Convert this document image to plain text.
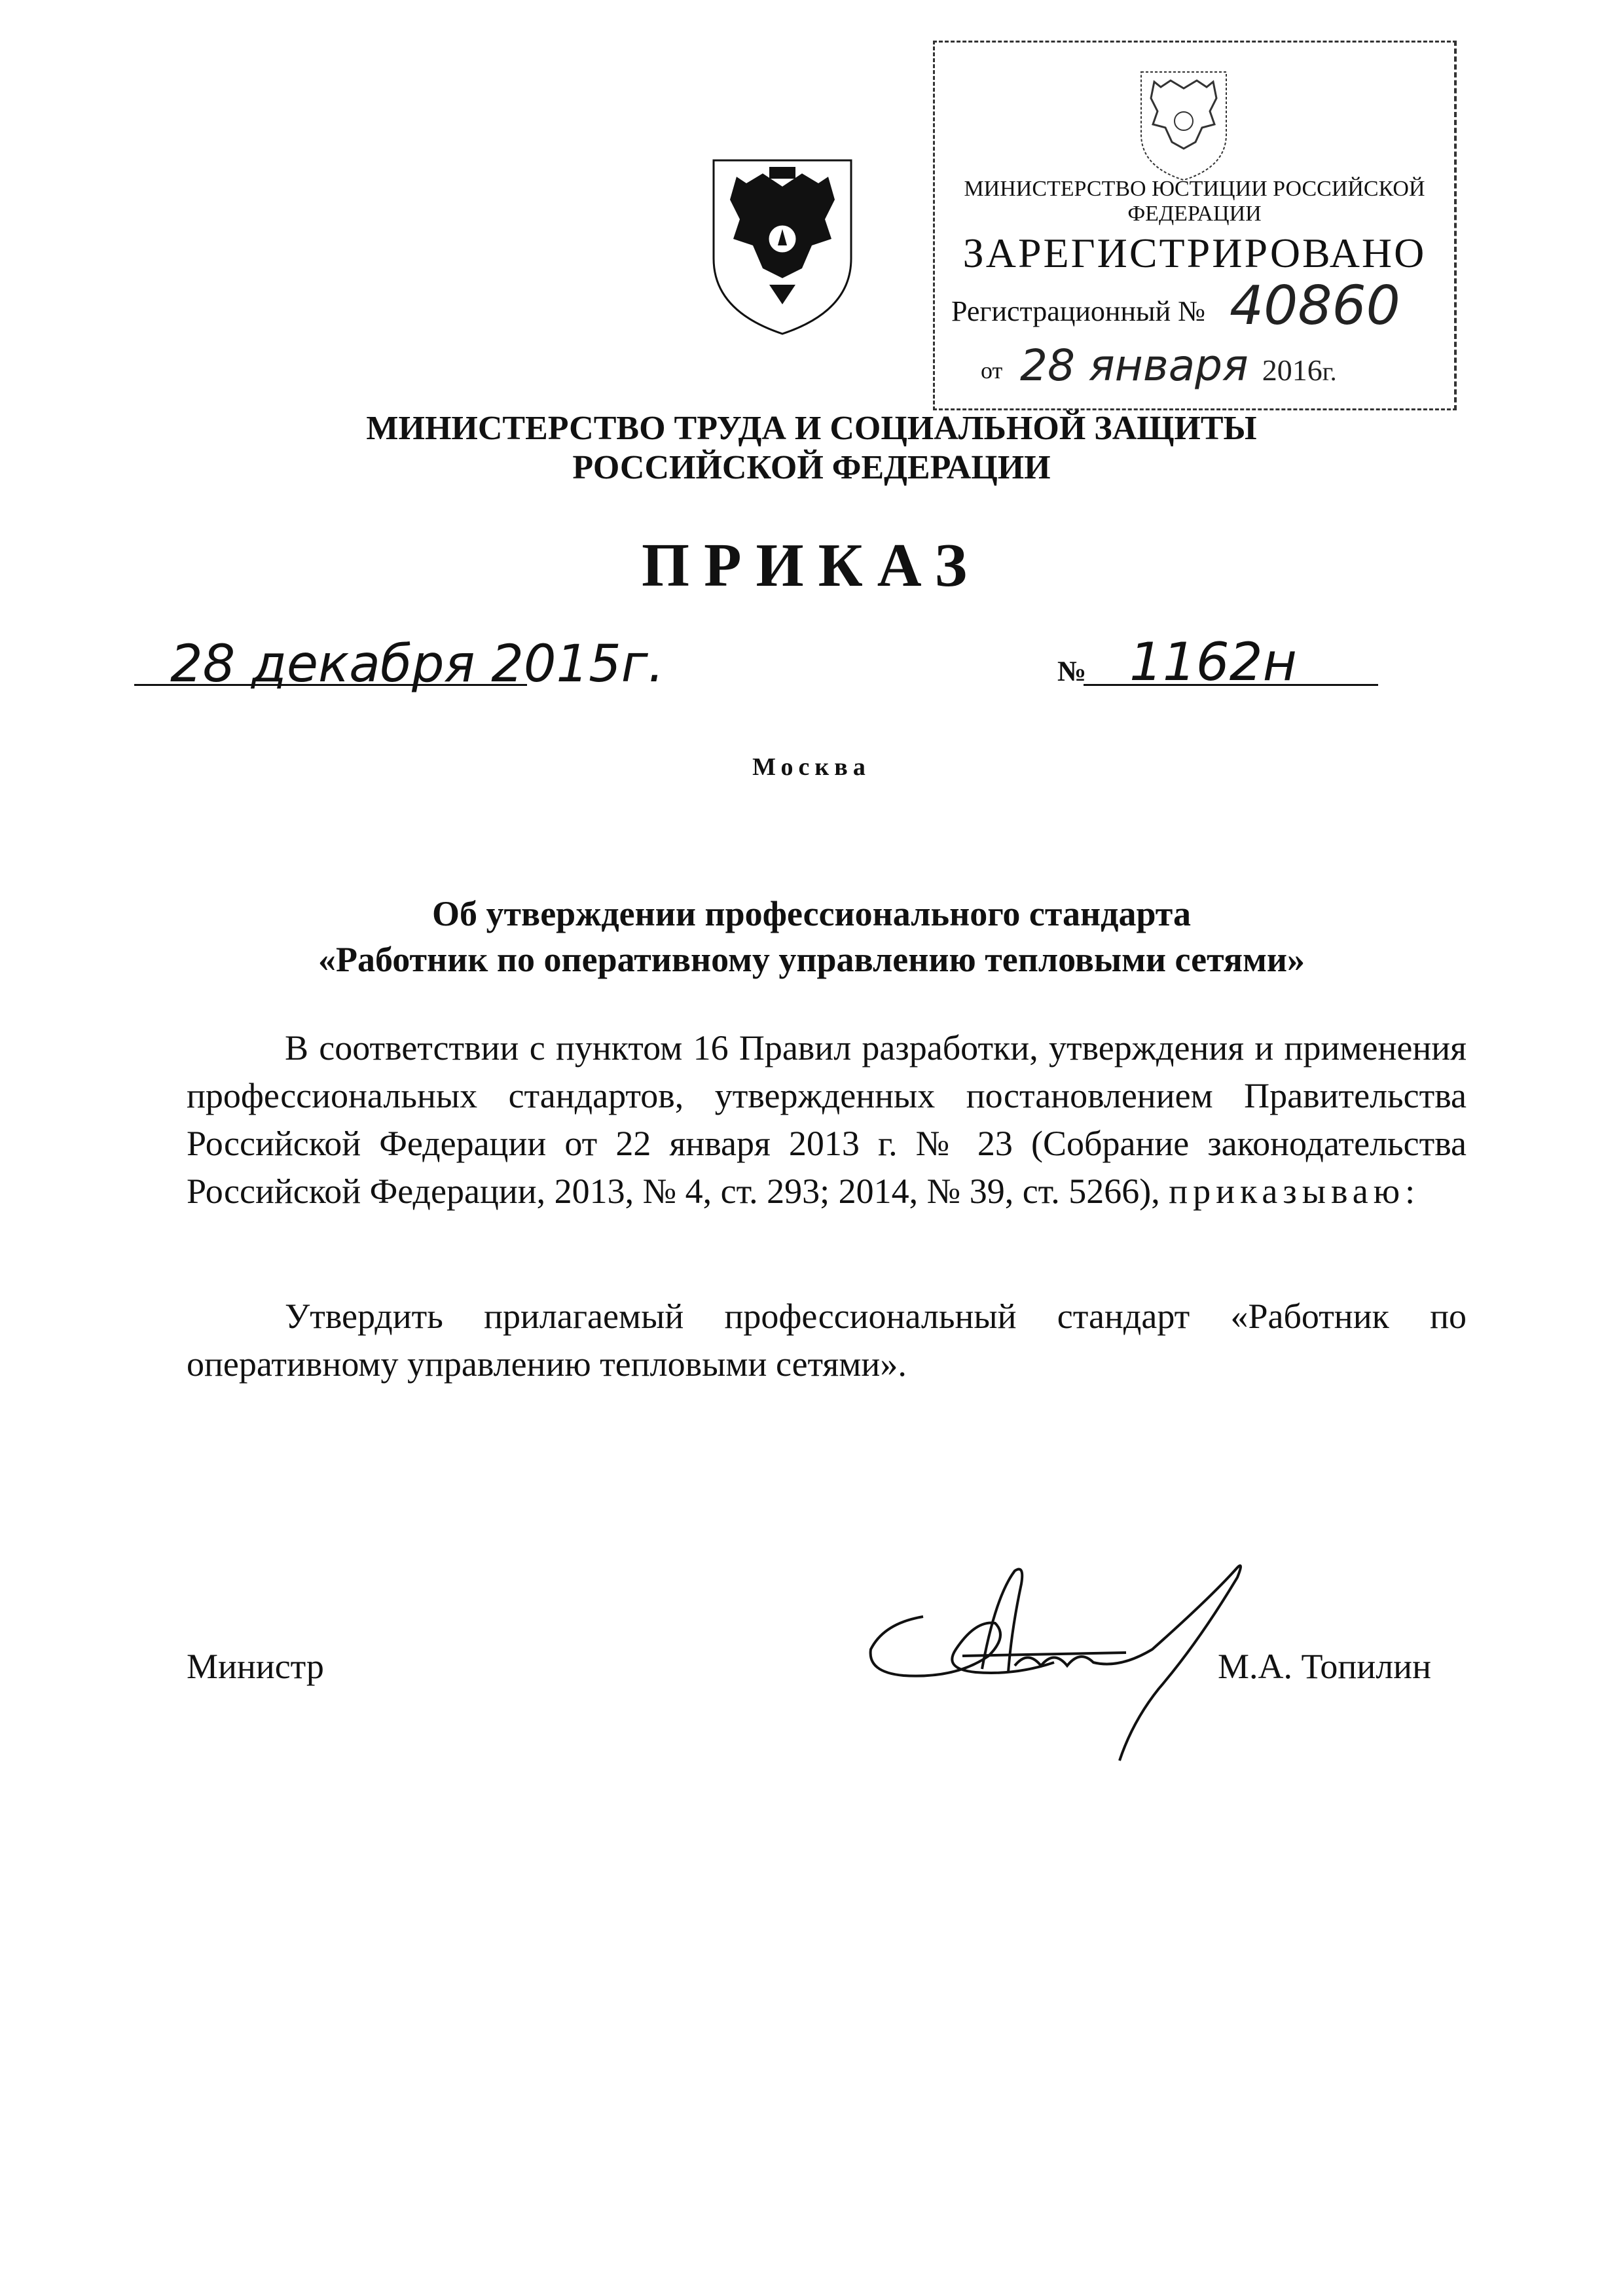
МИНИСТЕРСТВО ЮСТИЦИИ РОССИЙСКОЙ ФЕДЕРАЦИИ
ЗАРЕГИСТРИРОВАНО
Регистрационный № 40860
от 28 января 2016г.
МИНИСТЕРСТВО ТРУДА И СОЦИАЛЬНОЙ ЗАЩИТЫ
РОССИЙСКОЙ ФЕДЕРАЦИИ
ПРИКАЗ
28 декабря 2015г.	№ 1162н
Москва
Об утверждении профессионального стандарта
«Работник по оперативному управлению тепловыми сетями»
В соответствии с пунктом 16 Правил разработки, утверждения и применения профессиональных стандартов, утвержденных постановлением Правительства Российской Федерации от 22 января 2013 г. № 23 (Собрание законодательства Российской Федерации, 2013, № 4, ст. 293; 2014, № 39, ст. 5266), приказываю:
Утвердить прилагаемый профессиональный стандарт «Работник по оперативному управлению тепловыми сетями».
Министр	М.А. Топилин
